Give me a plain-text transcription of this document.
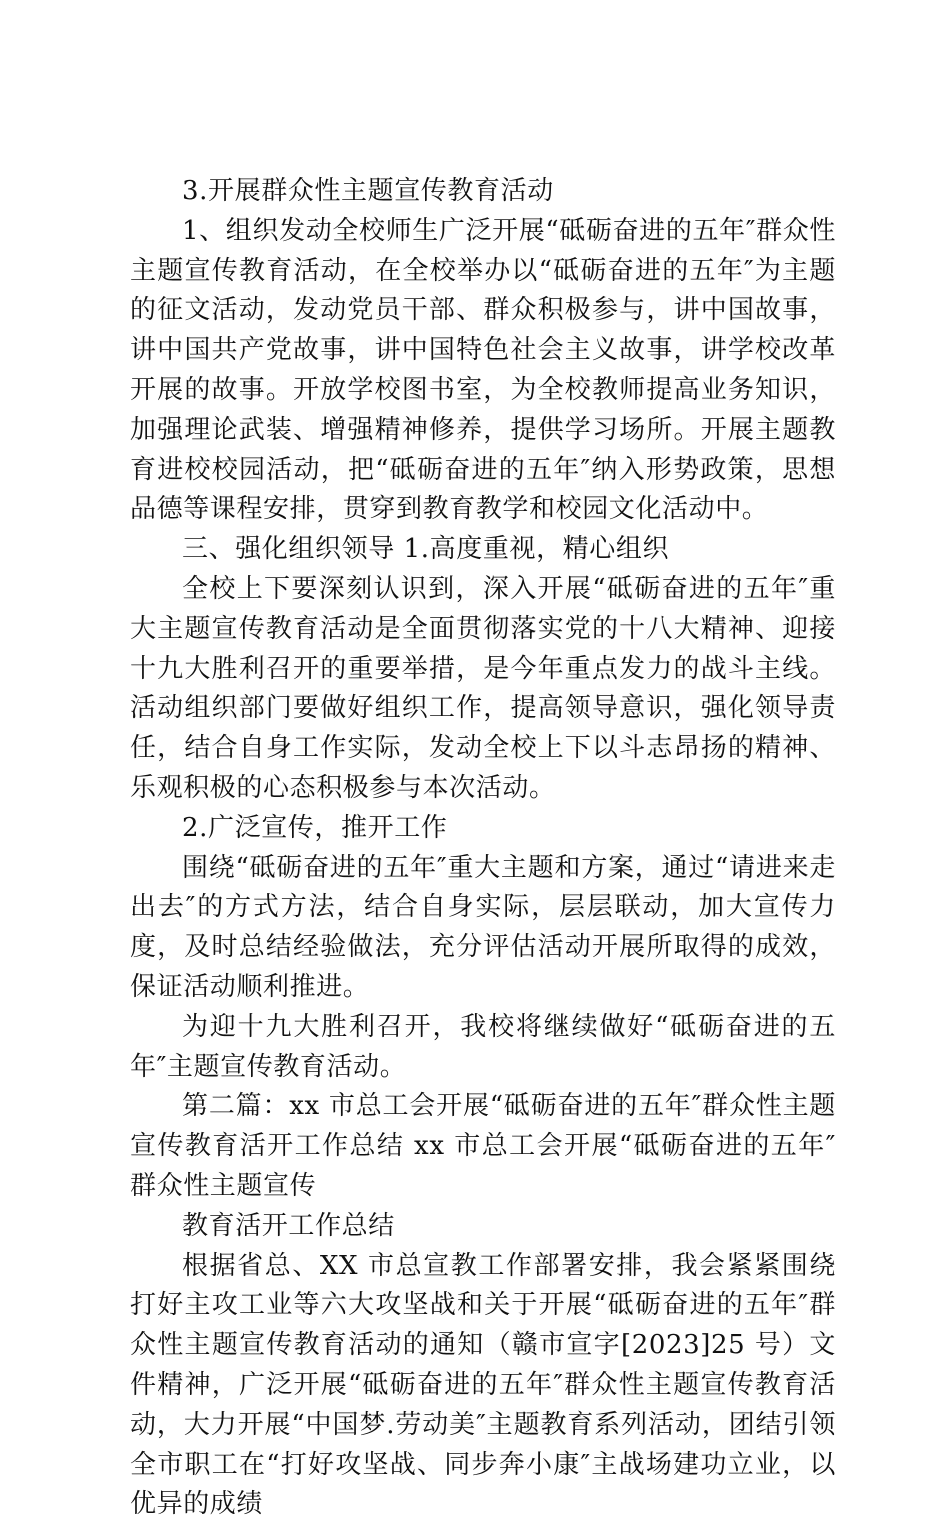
3.开展群众性主题宣传教育活动

1、组织发动全校师生广泛开展“砥砺奋进的五年″群众性主题宣传教育活动，在全校举办以“砥砺奋进的五年″为主题的征文活动，发动党员干部、群众积极参与，讲中国故事，讲中国共产党故事，讲中国特色社会主义故事，讲学校改革开展的故事。开放学校图书室，为全校教师提高业务知识，加强理论武装、增强精神修养，提供学习场所。开展主题教育进校校园活动，把“砥砺奋进的五年″纳入形势政策，思想品德等课程安排，贯穿到教育教学和校园文化活动中。

三、强化组织领导 1.高度重视，精心组织

全校上下要深刻认识到，深入开展“砥砺奋进的五年″重大主题宣传教育活动是全面贯彻落实党的十八大精神、迎接十九大胜利召开的重要举措，是今年重点发力的战斗主线。活动组织部门要做好组织工作，提高领导意识，强化领导责任，结合自身工作实际，发动全校上下以斗志昂扬的精神、乐观积极的心态积极参与本次活动。

2.广泛宣传，推开工作

围绕“砥砺奋进的五年″重大主题和方案，通过“请进来走出去″的方式方法，结合自身实际，层层联动，加大宣传力度，及时总结经验做法，充分评估活动开展所取得的成效，保证活动顺利推进。

为迎十九大胜利召开，我校将继续做好“砥砺奋进的五年″主题宣传教育活动。

第二篇：xx 市总工会开展“砥砺奋进的五年″群众性主题宣传教育活开工作总结 xx 市总工会开展“砥砺奋进的五年″群众性主题宣传

教育活开工作总结

根据省总、XX 市总宣教工作部署安排，我会紧紧围绕打好主攻工业等六大攻坚战和关于开展“砥砺奋进的五年″群众性主题宣传教育活动的通知（赣市宣字[2023]25 号）文件精神，广泛开展“砥砺奋进的五年″群众性主题宣传教育活动，大力开展“中国梦.劳动美″主题教育系列活动，团结引领全市职工在“打好攻坚战、同步奔小康″主战场建功立业，以优异的成绩
